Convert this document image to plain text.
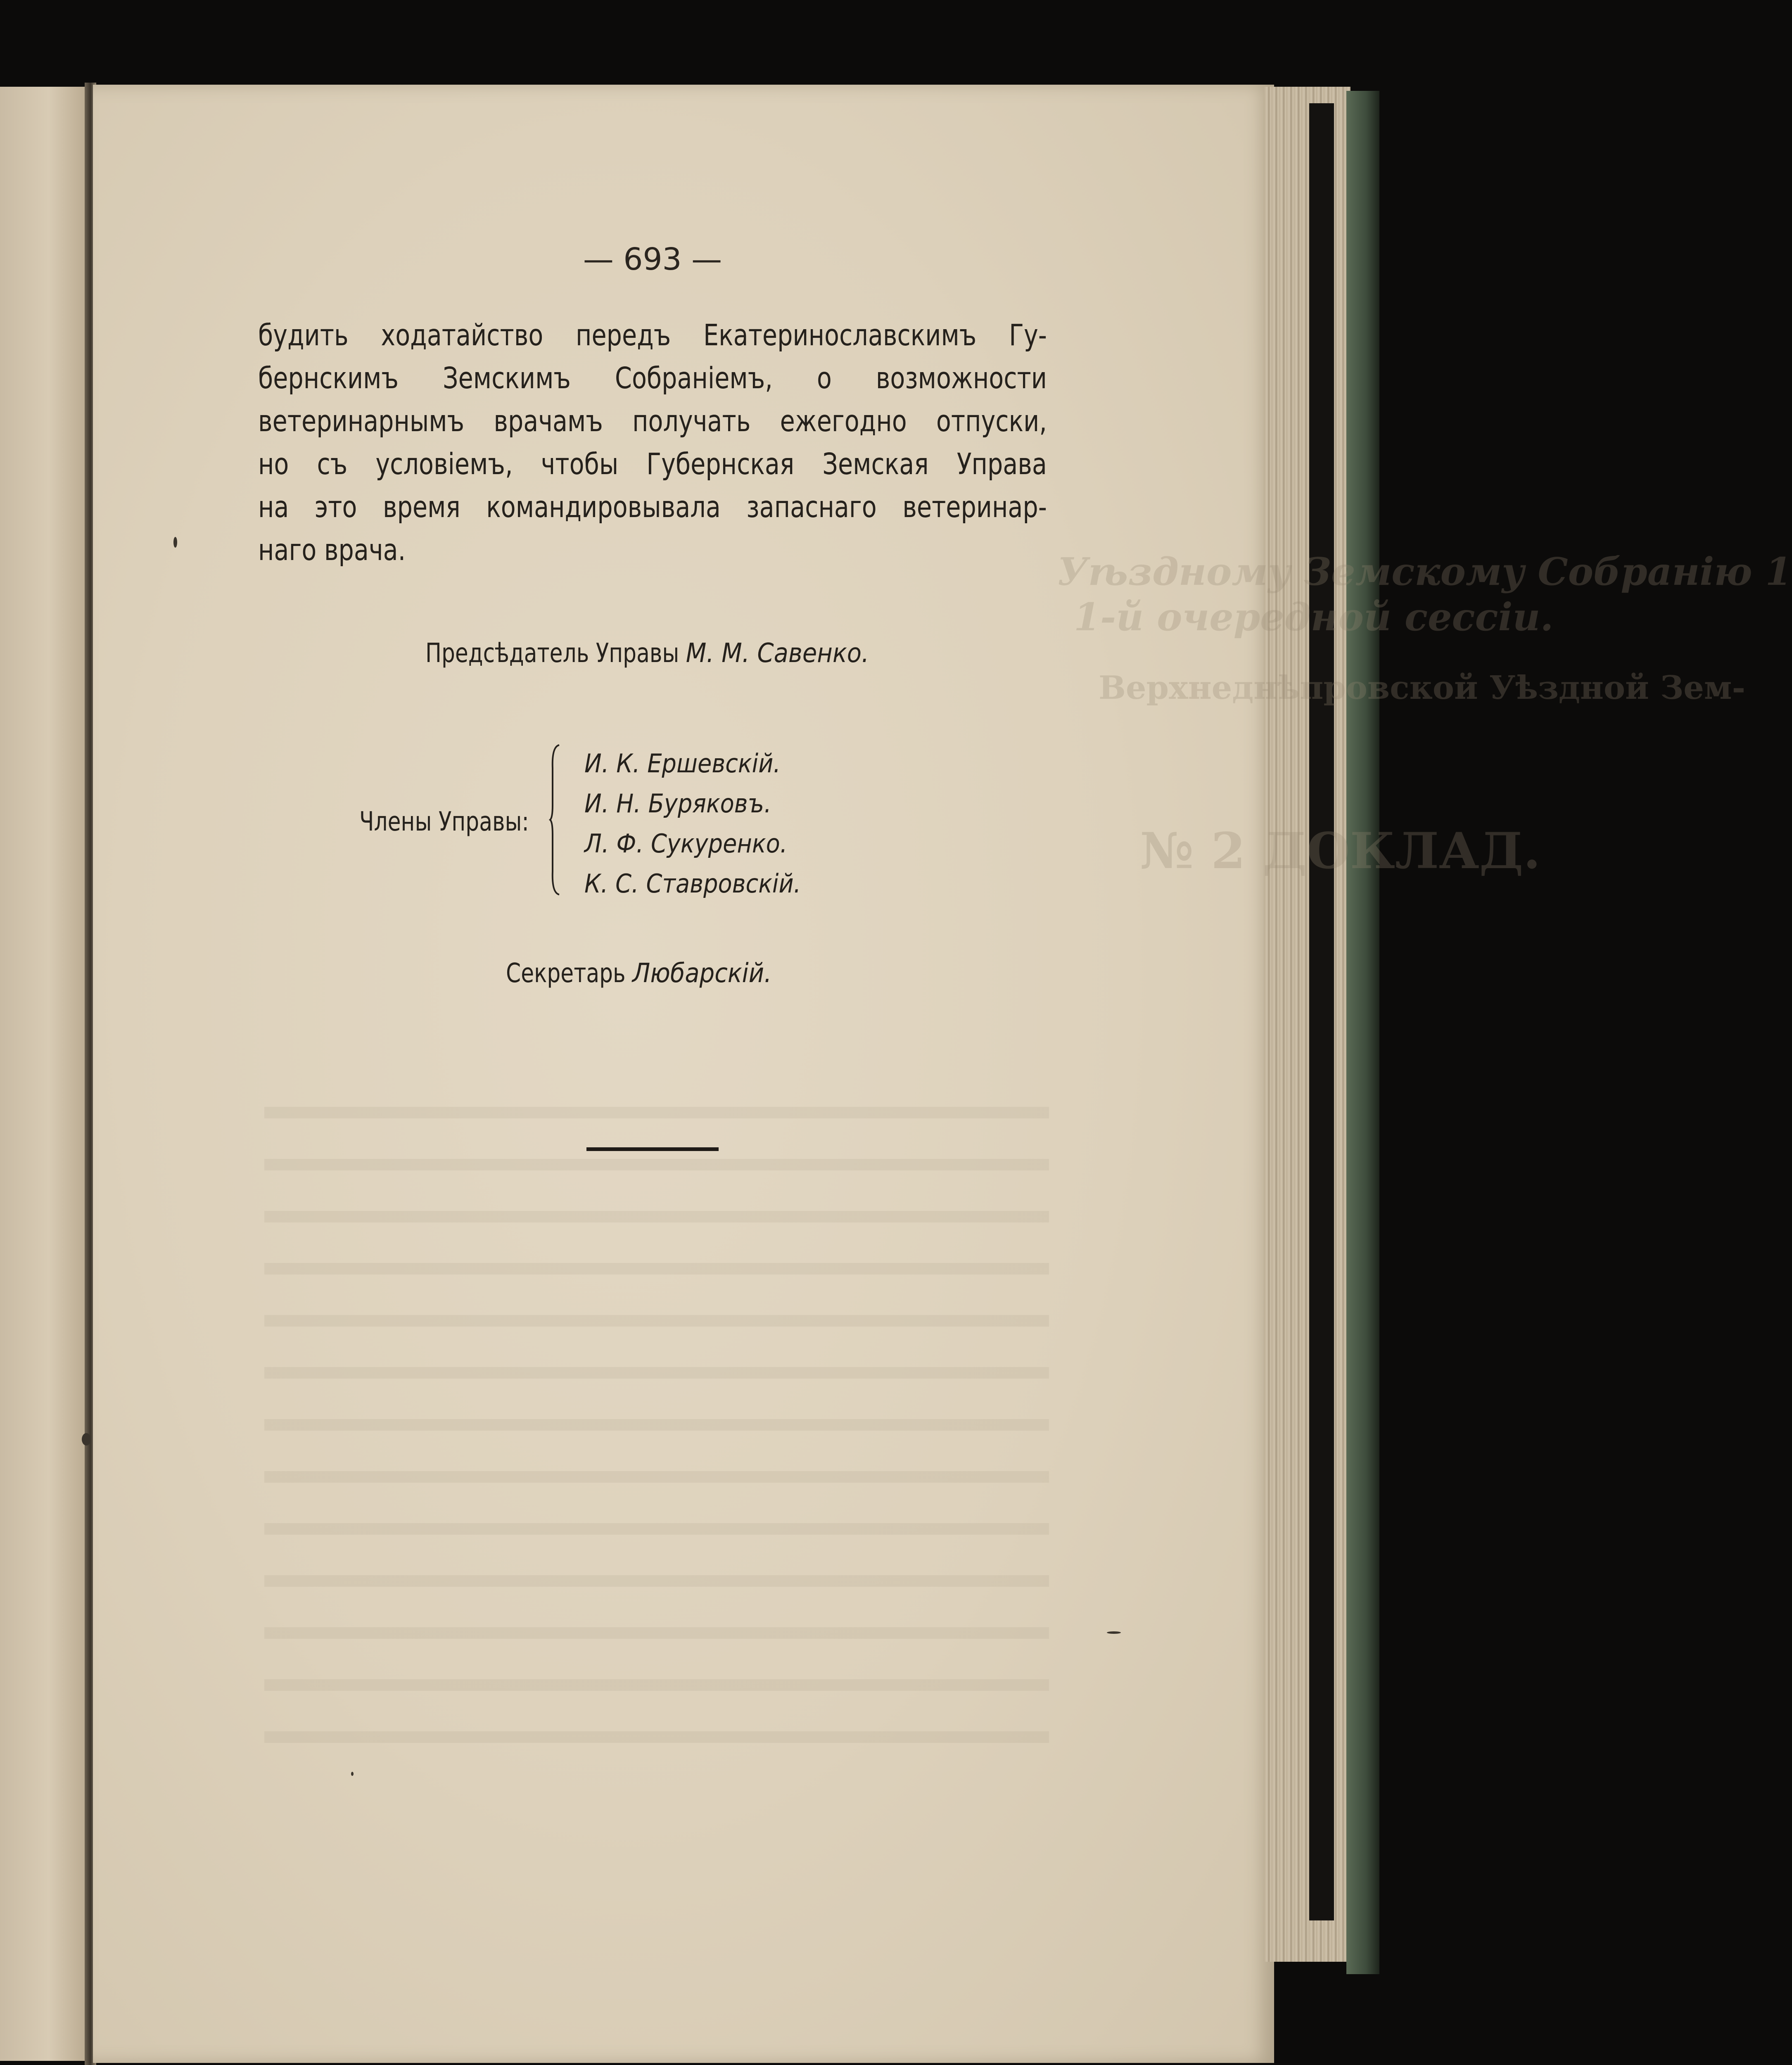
Уѣздному Земскому Собранію 1
1-й очередной сессіи.
Верхнеднѣпровской Уѣздной Зем-
№ 2 ДОКЛАД.
— 693 —
будить ходатайство передъ Екатеринославскимъ Гу-
бернскимъ Земскимъ Собраніемъ, о возможности
ветеринарнымъ врачамъ получать ежегодно отпуски,
но съ условіемъ, чтобы Губернская Земская Управа
на это время командировывала запаснаго ветеринар-
наго врача.
Предсѣдатель Управы М. М. Савенко.
Члены Управы:
И. К. Ершевскій.
И. Н. Буряковъ.
Л. Ф. Сукуренко.
К. С. Ставровскій.
Секретарь Любарскій.
